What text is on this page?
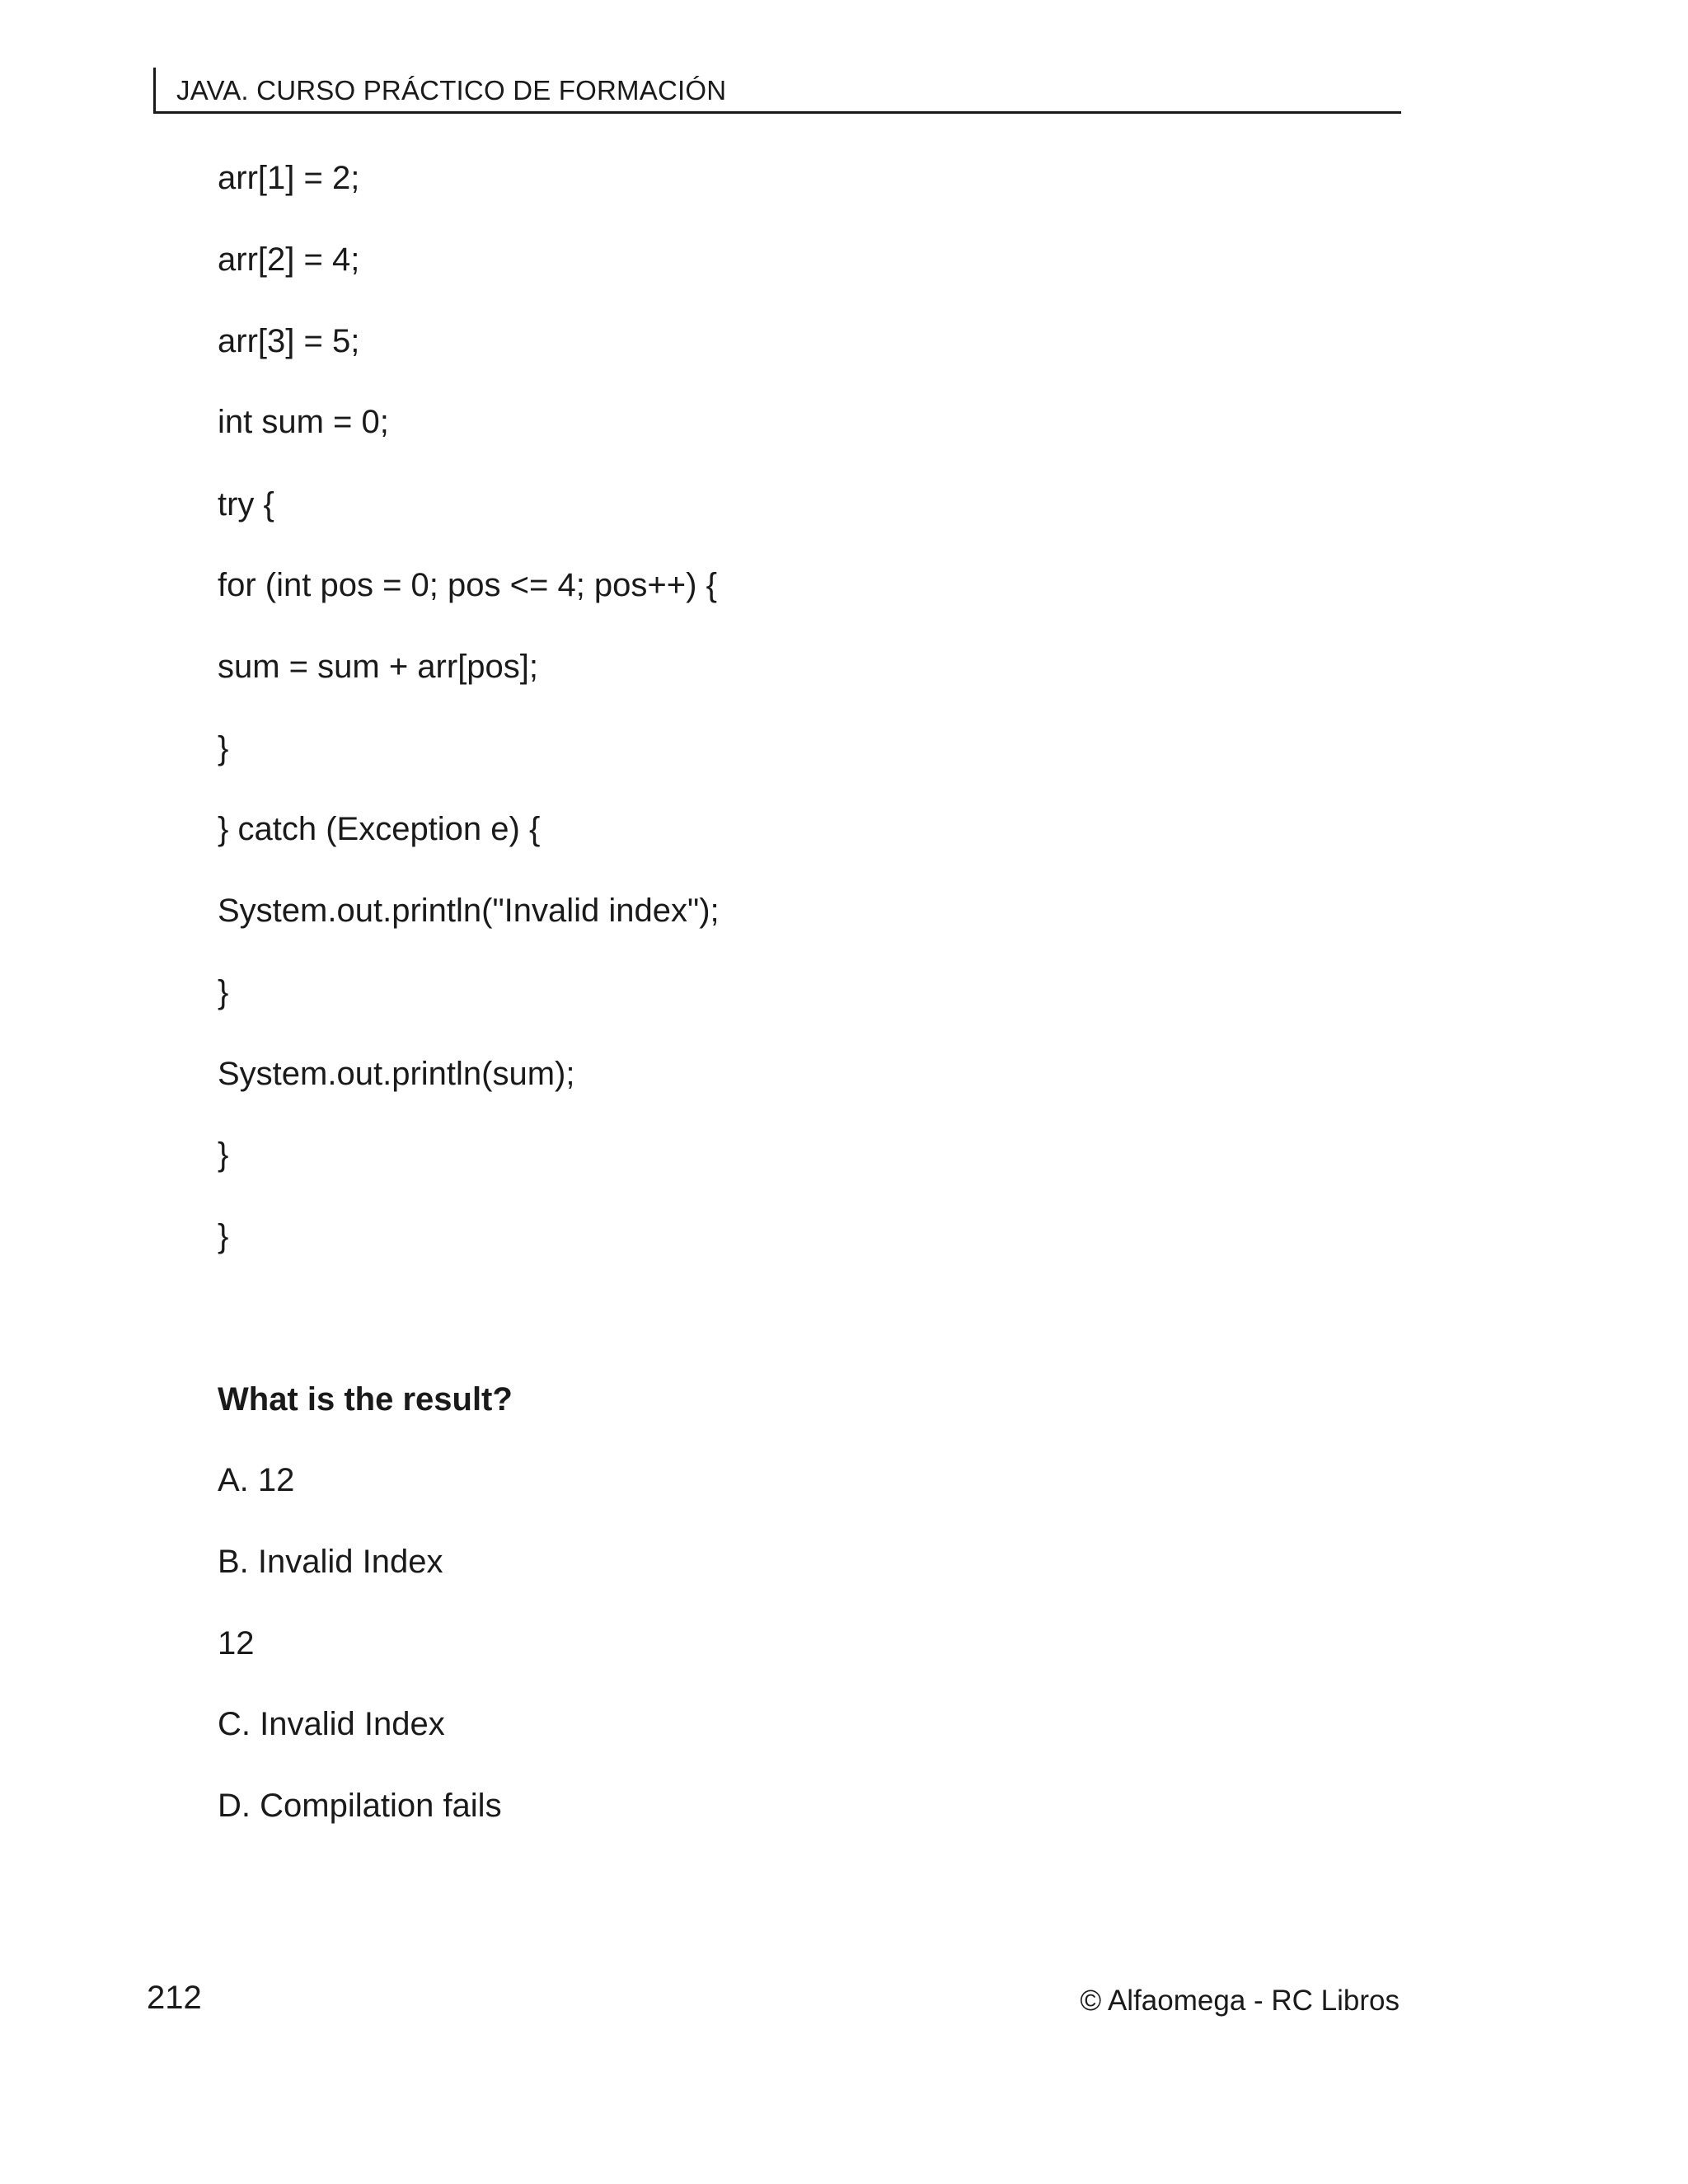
JAVA. CURSO PRÁCTICO DE FORMACIÓN
arr[1] = 2;
arr[2] = 4;
arr[3] = 5;
int sum = 0;
try {
for (int pos = 0; pos <= 4; pos++) {
sum = sum + arr[pos];
}
} catch (Exception e) {
System.out.println("Invalid index");
}
System.out.println(sum);
}
}
What is the result?
A. 12
B. Invalid Index
12
C. Invalid Index
D. Compilation fails
212	© Alfaomega - RC Libros
